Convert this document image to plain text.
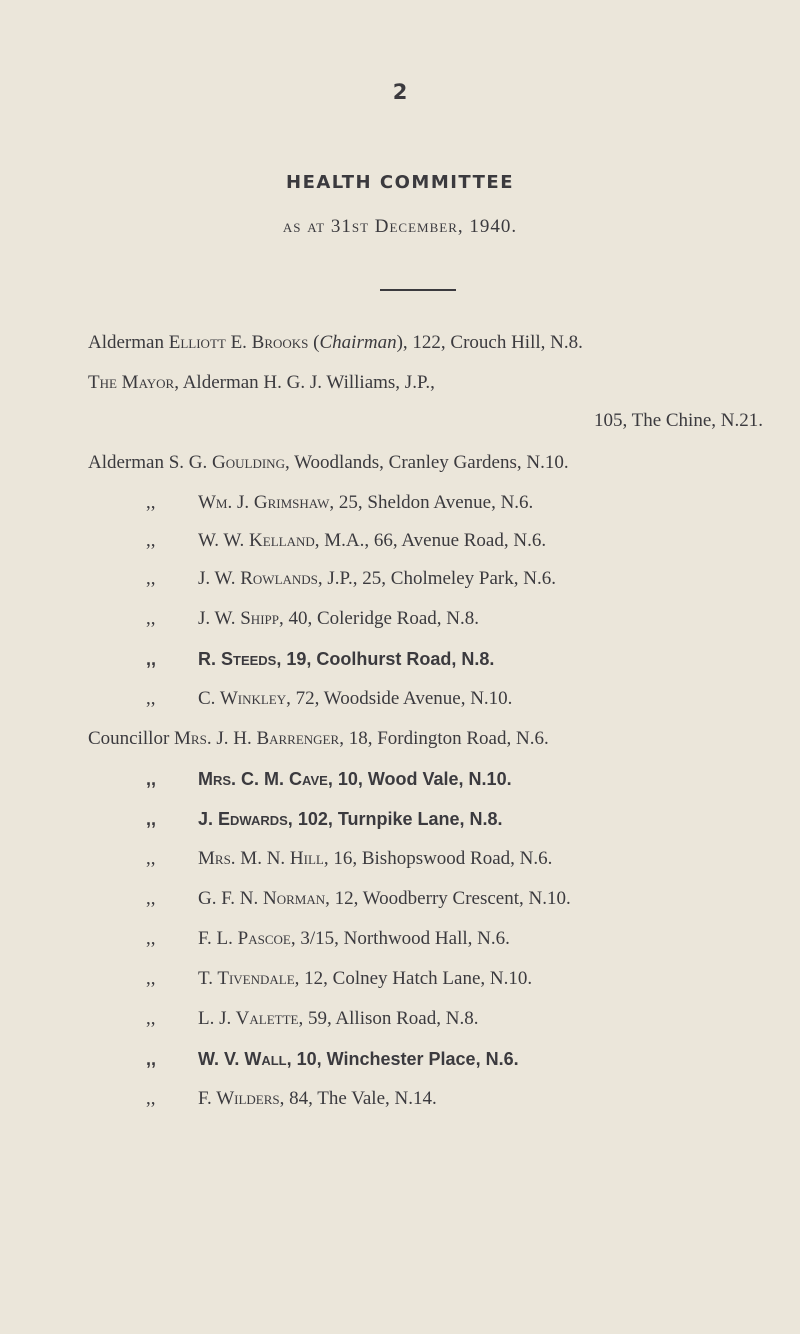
2
HEALTH COMMITTEE
as at 31st December, 1940.
Alderman Elliott E. Brooks (Chairman), 122, Crouch Hill, N.8.
The Mayor, Alderman H. G. J. Williams, J.P.,
105, The Chine, N.21.
Alderman S. G. Goulding, Woodlands, Cranley Gardens, N.10.
,, Wm. J. Grimshaw, 25, Sheldon Avenue, N.6.
,, W. W. Kelland, M.A., 66, Avenue Road, N.6.
,, J. W. Rowlands, J.P., 25, Cholmeley Park, N.6.
,, J. W. Shipp, 40, Coleridge Road, N.8.
,, R. Steeds, 19, Coolhurst Road, N.8.
,, C. Winkley, 72, Woodside Avenue, N.10.
Councillor Mrs. J. H. Barrenger, 18, Fordington Road, N.6.
,, Mrs. C. M. Cave, 10, Wood Vale, N.10.
,, J. Edwards, 102, Turnpike Lane, N.8.
,, Mrs. M. N. Hill, 16, Bishopswood Road, N.6.
,, G. F. N. Norman, 12, Woodberry Crescent, N.10.
,, F. L. Pascoe, 3/15, Northwood Hall, N.6.
,, T. Tivendale, 12, Colney Hatch Lane, N.10.
,, L. J. Valette, 59, Allison Road, N.8.
,, W. V. Wall, 10, Winchester Place, N.6.
,, F. Wilders, 84, The Vale, N.14.
